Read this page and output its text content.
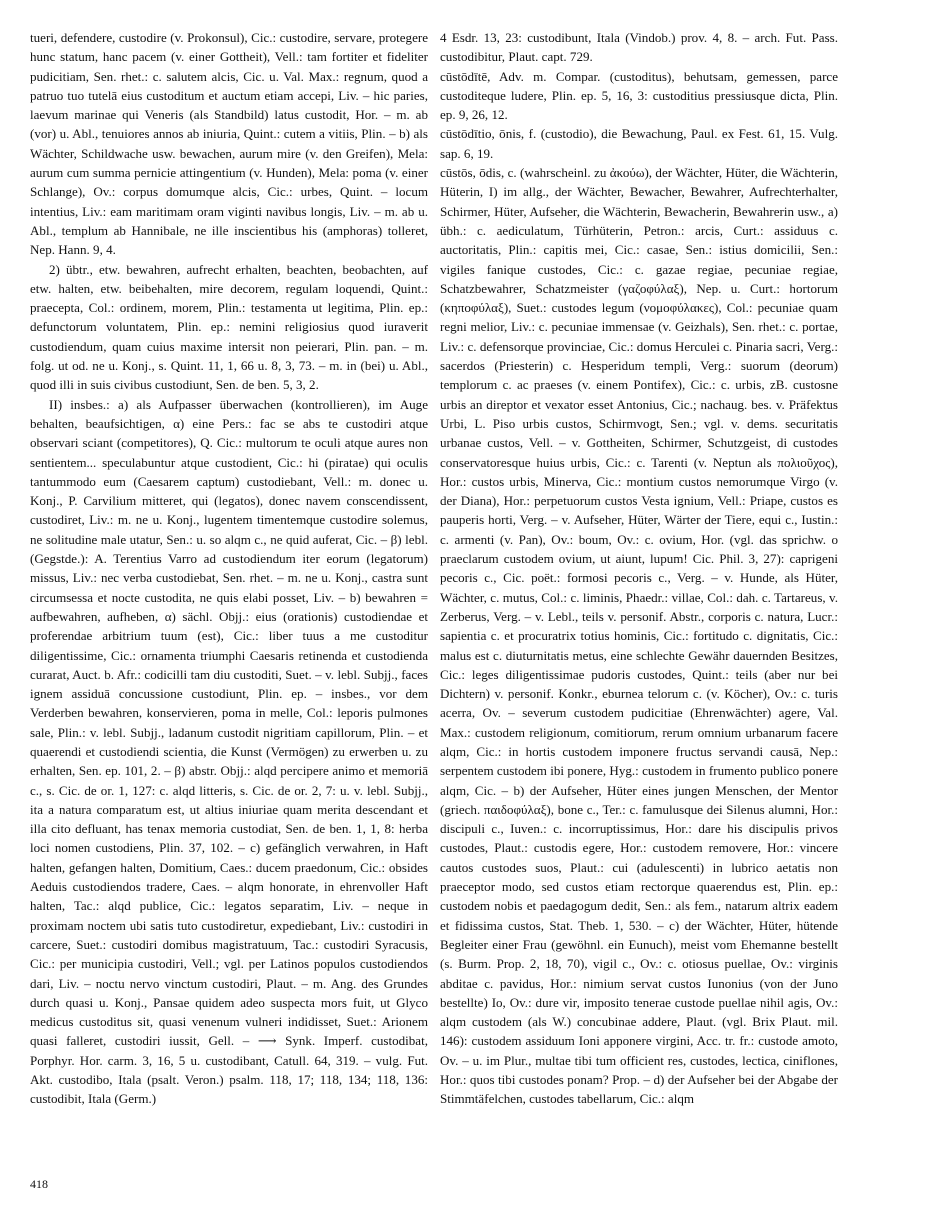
tueri, defendere, custodire (v. Prokonsul), Cic.: custodire, servare, protegere hunc statum, hanc pacem (v. einer Gottheit), Vell.: tam fortiter et fideliter pudicitiam, Sen. rhet.: c. salutem alcis, Cic. u. Val. Max.: regnum, quod a patruo tuo tutelā eius custoditum et auctum etiam accepi, Liv. – hic paries, laevum marinae qui Veneris (als Standbild) latus custodit, Hor. – m. ab (vor) u. Abl., tenuiores annos ab iniuria, Quint.: cutem a vitiis, Plin. – b) als Wächter, Schildwache usw. bewachen, aurum mire (v. den Greifen), Mela: aurum cum summa pernicie attingentium (v. Hunden), Mela: poma (v. einer Schlange), Ov.: corpus domumque alcis, Cic.: urbes, Quint. – locum intentius, Liv.: eam maritimam oram viginti navibus longis, Liv. – m. ab u. Abl., templum ab Hannibale, ne ille inscientibus his (amphoras) tolleret, Nep. Hann. 9, 4.

2) übtr., etw. bewahren, aufrecht erhalten, beachten, beobachten, auf etw. halten, etw. beibehalten, mire decorem, regulam loquendi, Quint.: praecepta, Col.: ordinem, morem, Plin.: testamenta ut legitima, Plin. ep.: defunctorum voluntatem, Plin. ep.: nemini religiosius quod iuraverit custodiendum, quam cuius maxime intersit non peierari, Plin. pan. – m. folg. ut od. ne u. Konj., s. Quint. 11, 1, 66 u. 8, 3, 73. – m. in (bei) u. Abl., quod illi in suis civibus custodiunt, Sen. de ben. 5, 3, 2.

II) insbes.: a) als Aufpasser überwachen (kontrollieren), im Auge behalten, beaufsichtigen, α) eine Pers.: fac se abs te custodiri atque observari sciant (competitores), Q. Cic.: multorum te oculi atque aures non sentientem... speculabuntur atque custodient, Cic.: hi (piratae) qui oculis tantummodo eum (Caesarem captum) custodiebant, Vell.: m. donec u. Konj., P. Carvilium mitteret, qui (legatos), donec navem conscendissent, custodiret, Liv.: m. ne u. Konj., lugentem timentemque custodire solemus, ne solitudine male utatur, Sen.: u. so alqm c., ne quid auferat, Cic. – β) lebl. (Gegstde.): A. Terentius Varro ad custodiendum iter eorum (legatorum) missus, Liv.: nec verba custodiebat, Sen. rhet. – m. ne u. Konj., castra sunt circumsessa et nocte custodita, ne quis elabi posset, Liv. – b) bewahren = aufbewahren, aufheben, α) sächl. Objj.: eius (orationis) custodiendae et proferendae arbitrium tuum (est), Cic.: liber tuus a me custoditur diligentissime, Cic.: ornamenta triumphi Caesaris retinenda et custodienda curarat, Auct. b. Afr.: codicilli tam diu custoditi, Suet. – v. lebl. Subjj., faces ignem assiduā concussione custodiunt, Plin. ep. – insbes., vor dem Verderben bewahren, konservieren, poma in melle, Col.: leporis pulmones sale, Plin.: v. lebl. Subjj., ladanum custodit nigritiam capillorum, Plin. – et quaerendi et custodiendi scientia, die Kunst (Vermögen) zu erwerben u. zu erhalten, Sen. ep. 101, 2. – β) abstr. Objj.: alqd percipere animo et memoriā c., s. Cic. de or. 1, 127: c. alqd litteris, s. Cic. de or. 2, 7: u. v. lebl. Subjj., ita a natura comparatum est, ut altius iniuriae quam merita descendant et illa cito defluant, has tenax memoria custodiat, Sen. de ben. 1, 1, 8: herba loci nomen custodiens, Plin. 37, 102. – c) gefänglich verwahren, in Haft halten, gefangen halten, Domitium, Caes.: ducem praedonum, Cic.: obsides Aeduis custodiendos tradere, Caes. – alqm honorate, in ehrenvoller Haft halten, Tac.: alqd publice, Cic.: legatos separatim, Liv. – neque in proximam noctem ubi satis tuto custodiretur, expediebant, Liv.: custodiri in carcere, Suet.: custodiri domibus magistratuum, Tac.: custodiri Syracusis, Cic.: per municipia custodiri, Vell.; vgl. per Latinos populos custodiendos dari, Liv. – noctu nervo vinctum custodiri, Plaut. – m. Ang. des Grundes durch quasi u. Konj., Pansae quidem adeo suspecta mors fuit, ut Glyco medicus custoditus sit, quasi venenum vulneri indidisset, Suet.: Arionem quasi falleret, custodiri iussit, Gell. – ⟶ Synk. Imperf. custodibat, Porphyr. Hor. carm. 3, 16, 5 u. custodibant, Catull. 64, 319. – vulg. Fut. Akt. custodibo, Itala (psalt. Veron.) psalm. 118, 17; 118, 134; 118, 136: custodibit, Itala (Germ.)

4 Esdr. 13, 23: custodibunt, Itala (Vindob.) prov. 4, 8. – arch. Fut. Pass. custodibitur, Plaut. capt. 729.

cūstōdītē, Adv. m. Compar. (custoditus), behutsam, gemessen, parce custoditeque ludere, Plin. ep. 5, 16, 3: custoditius pressiusque dicta, Plin. ep. 9, 26, 12.

cūstōdītio, ōnis, f. (custodio), die Bewachung, Paul. ex Fest. 61, 15. Vulg. sap. 6, 19.

cūstōs, ōdis, c. (wahrscheinl. zu ἀκούω), der Wächter, Hüter, die Wächterin, Hüterin, I) im allg., der Wächter, Bewacher, Bewahrer, Aufrechterhalter, Schirmer, Hüter, Aufseher, die Wächterin, Bewacherin, Bewahrerin usw., a) übh.: c. aediculatum, Türhüterin, Petron.: arcis, Curt.: assiduus c. auctoritatis, Plin.: capitis mei, Cic.: casae, Sen.: istius domicilii, Sen.: vigiles fanique custodes, Cic.: c. gazae regiae, pecuniae regiae, Schatzbewahrer, Schatzmeister (γαζοφύλαξ), Nep. u. Curt.: hortorum (κηποφύλαξ), Suet.: custodes legum (νομοφύλακες), Col.: pecuniae quam regni melior, Liv.: c. pecuniae immensae (v. Geizhals), Sen. rhet.: c. portae, Liv.: c. defensorque provinciae, Cic.: domus Herculei c. Pinaria sacri, Verg.: sacerdos (Priesterin) c. Hesperidum templi, Verg.: suorum (deorum) templorum c. ac praeses (v. einem Pontifex), Cic.: c. urbis, zB. custosne urbis an direptor et vexator esset Antonius, Cic.; nachaug. bes. v. Präfektus Urbi, L. Piso urbis custos, Schirmvogt, Sen.; vgl. v. dems. securitatis urbanae custos, Vell. – v. Gottheiten, Schirmer, Schutzgeist, di custodes conservatoresque huius urbis, Cic.: c. Tarenti (v. Neptun als πολιοῦχος), Hor.: custos urbis, Minerva, Cic.: montium custos nemorumque Virgo (v. der Diana), Hor.: perpetuorum custos Vesta ignium, Vell.: Priape, custos es pauperis horti, Verg. – v. Aufseher, Hüter, Wärter der Tiere, equi c., Iustin.: c. armenti (v. Pan), Ov.: boum, Ov.: c. ovium, Hor. (vgl. das sprichw. o praeclarum custodem ovium, ut aiunt, lupum! Cic. Phil. 3, 27): caprigeni pecoris c., Cic. poët.: formosi pecoris c., Verg. – v. Hunde, als Hüter, Wächter, c. mutus, Col.: c. liminis, Phaedr.: villae, Col.: dah. c. Tartareus, v. Zerberus, Verg. – v. Lebl., teils v. personif. Abstr., corporis c. natura, Lucr.: sapientia c. et procuratrix totius hominis, Cic.: fortitudo c. dignitatis, Cic.: malus est c. diuturnitatis metus, eine schlechte Gewähr dauernden Besitzes, Cic.: leges diligentissimae pudoris custodes, Quint.: teils (aber nur bei Dichtern) v. personif. Konkr., eburnea telorum c. (v. Köcher), Ov.: c. turis acerra, Ov. – severum custodem pudicitiae (Ehrenwächter) agere, Val. Max.: custodem religionum, comitiorum, rerum omnium urbanarum facere alqm, Cic.: in hortis custodem imponere fructus servandi causā, Nep.: serpentem custodem ibi ponere, Hyg.: custodem in frumento publico ponere alqm, Cic. – b) der Aufseher, Hüter eines jungen Menschen, der Mentor (griech. παιδοφύλαξ), bone c., Ter.: c. famulusque dei Silenus alumni, Hor.: discipuli c., Iuven.: c. incorruptissimus, Hor.: dare his discipulis privos custodes, Plaut.: custodis egere, Hor.: custodem removere, Hor.: vincere cautos custodes suos, Plaut.: cui (adulescenti) in lubrico aetatis non praeceptor modo, sed custos etiam rectorque quaerendus est, Plin. ep.: custodem nobis et paedagogum dedit, Sen.: als fem., natarum altrix eadem et fidissima custos, Stat. Theb. 1, 530. – c) der Wächter, Hüter, hütende Begleiter einer Frau (gewöhnl. ein Eunuch), meist vom Ehemanne bestellt (s. Burm. Prop. 2, 18, 70), vigil c., Ov.: c. otiosus puellae, Ov.: virginis abditae c. pavidus, Hor.: nimium servat custos Iunonius (von der Juno bestellte) Io, Ov.: dure vir, imposito tenerae custode puellae nihil agis, Ov.: alqm custodem (als W.) concubinae addere, Plaut. (vgl. Brix Plaut. mil. 146): custodem assiduum Ioni apponere virgini, Acc. tr. fr.: custode amoto, Ov. – u. im Plur., multae tibi tum officient res, custodes, lectica, ciniflones, Hor.: quos tibi custodes ponam? Prop. – d) der Aufseher bei der Abgabe der Stimmtäfelchen, custodes tabellarum, Cic.: alqm

418
